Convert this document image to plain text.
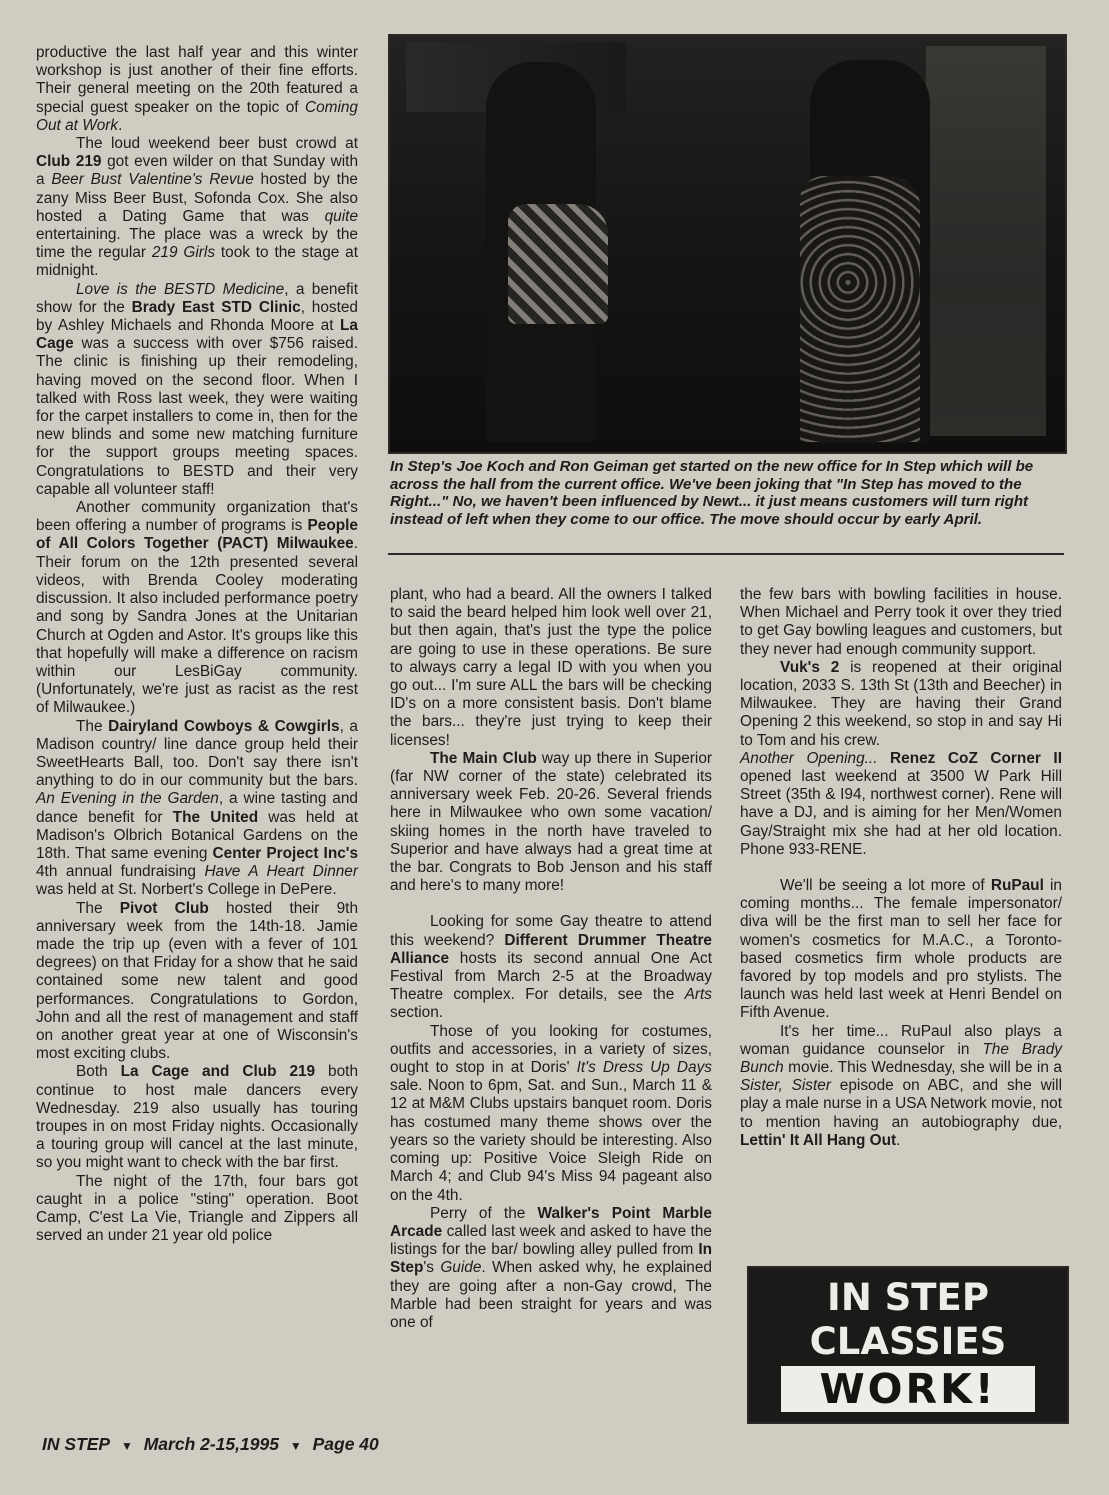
productive the last half year and this winter workshop is just another of their fine efforts. Their general meeting on the 20th featured a special guest speaker on the topic of Coming Out at Work.

The loud weekend beer bust crowd at Club 219 got even wilder on that Sunday with a Beer Bust Valentine's Revue hosted by the zany Miss Beer Bust, Sofonda Cox. She also hosted a Dating Game that was quite entertaining. The place was a wreck by the time the regular 219 Girls took to the stage at midnight.

Love is the BESTD Medicine, a benefit show for the Brady East STD Clinic, hosted by Ashley Michaels and Rhonda Moore at La Cage was a success with over $756 raised. The clinic is finishing up their remodeling, having moved on the second floor. When I talked with Ross last week, they were waiting for the carpet installers to come in, then for the new blinds and some new matching furniture for the support groups meeting spaces. Congratulations to BESTD and their very capable all volunteer staff!

Another community organization that's been offering a number of programs is People of All Colors Together (PACT) Milwaukee. Their forum on the 12th presented several videos, with Brenda Cooley moderating discussion. It also included performance poetry and song by Sandra Jones at the Unitarian Church at Ogden and Astor. It's groups like this that hopefully will make a difference on racism within our LesBiGay community. (Unfortunately, we're just as racist as the rest of Milwaukee.)

The Dairyland Cowboys & Cowgirls, a Madison country/ line dance group held their SweetHearts Ball, too. Don't say there isn't anything to do in our community but the bars. An Evening in the Garden, a wine tasting and dance benefit for The United was held at Madison's Olbrich Botanical Gardens on the 18th. That same evening Center Project Inc's 4th annual fundraising Have A Heart Dinner was held at St. Norbert's College in DePere.

The Pivot Club hosted their 9th anniversary week from the 14th-18. Jamie made the trip up (even with a fever of 101 degrees) on that Friday for a show that he said contained some new talent and good performances. Congratulations to Gordon, John and all the rest of management and staff on another great year at one of Wisconsin's most exciting clubs.

Both La Cage and Club 219 both continue to host male dancers every Wednesday. 219 also usually has touring troupes in on most Friday nights. Occasionally a touring group will cancel at the last minute, so you might want to check with the bar first.

The night of the 17th, four bars got caught in a police "sting" operation. Boot Camp, C'est La Vie, Triangle and Zippers all served an under 21 year old police

In Step's Joe Koch and Ron Geiman get started on the new office for In Step which will be across the hall from the current office. We've been joking that "In Step has moved to the Right..." No, we haven't been influenced by Newt... it just means customers will turn right instead of left when they come to our office. The move should occur by early April.

plant, who had a beard. All the owners I talked to said the beard helped him look well over 21, but then again, that's just the type the police are going to use in these operations. Be sure to always carry a legal ID with you when you go out... I'm sure ALL the bars will be checking ID's on a more consistent basis. Don't blame the bars... they're just trying to keep their licenses!

The Main Club way up there in Superior (far NW corner of the state) celebrated its anniversary week Feb. 20-26. Several friends here in Milwaukee who own some vacation/ skiing homes in the north have traveled to Superior and have always had a great time at the bar. Congrats to Bob Jenson and his staff and here's to many more!

Looking for some Gay theatre to attend this weekend? Different Drummer Theatre Alliance hosts its second annual One Act Festival from March 2-5 at the Broadway Theatre complex. For details, see the Arts section.

Those of you looking for costumes, outfits and accessories, in a variety of sizes, ought to stop in at Doris' It's Dress Up Days sale. Noon to 6pm, Sat. and Sun., March 11 & 12 at M&M Clubs upstairs banquet room. Doris has costumed many theme shows over the years so the variety should be interesting. Also coming up: Positive Voice Sleigh Ride on March 4; and Club 94's Miss 94 pageant also on the 4th.

Perry of the Walker's Point Marble Arcade called last week and asked to have the listings for the bar/ bowling alley pulled from In Step's Guide. When asked why, he explained they are going after a non-Gay crowd, The Marble had been straight for years and was one of

the few bars with bowling facilities in house. When Michael and Perry took it over they tried to get Gay bowling leagues and customers, but they never had enough community support.

Vuk's 2 is reopened at their original location, 2033 S. 13th St (13th and Beecher) in Milwaukee. They are having their Grand Opening 2 this weekend, so stop in and say Hi to Tom and his crew.

Another Opening... Renez CoZ Corner II opened last weekend at 3500 W Park Hill Street (35th & I94, northwest corner). Rene will have a DJ, and is aiming for her Men/Women Gay/Straight mix she had at her old location. Phone 933-RENE.

We'll be seeing a lot more of RuPaul in coming months... The female impersonator/ diva will be the first man to sell her face for women's cosmetics for M.A.C., a Toronto-based cosmetics firm whole products are favored by top models and pro stylists. The launch was held last week at Henri Bendel on Fifth Avenue.

It's her time... RuPaul also plays a woman guidance counselor in The Brady Bunch movie. This Wednesday, she will be in a Sister, Sister episode on ABC, and she will play a male nurse in a USA Network movie, not to mention having an autobiography due, Lettin' It All Hang Out.

IN STEP
CLASSIES
WORK!
IN STEP ▼ March 2-15,1995 ▼ Page 40
